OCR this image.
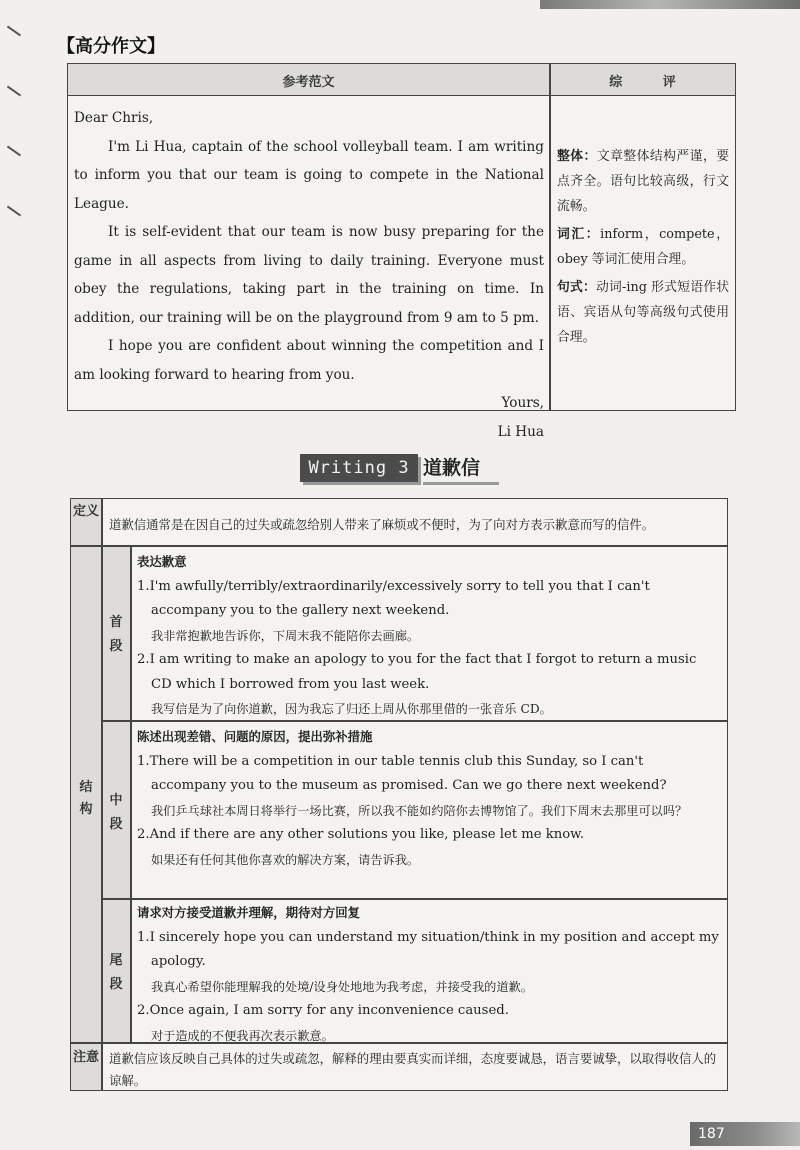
【高分作文】
参考范文	综 评

Dear Chris,

I'm Li Hua, captain of the school volleyball team. I am writing to inform you that our team is going to compete in the National League.

It is self-evident that our team is now busy preparing for the game in all aspects from living to daily training. Everyone must obey the regulations, taking part in the training on time. In addition, our training will be on the playground from 9 am to 5 pm.

I hope you are confident about winning the competition and I am looking forward to hearing from you.

Yours,

Li Hua

整体：文章整体结构严谨，要点齐全。语句比较高级，行文流畅。

词汇：inform，compete，obey 等词汇使用合理。

句式：动词-ing 形式短语作状语、宾语从句等高级句式使用合理。

Writing 3 道歉信
定义
道歉信通常是在因自己的过失或疏忽给别人带来了麻烦或不便时，为了向对方表示歉意而写的信件。
结构
首段

表达歉意

1.I'm awfully/terribly/extraordinarily/excessively sorry to tell you that I can't accompany you to the gallery next weekend.

我非常抱歉地告诉你，下周末我不能陪你去画廊。

2.I am writing to make an apology to you for the fact that I forgot to return a music CD which I borrowed from you last week.

我写信是为了向你道歉，因为我忘了归还上周从你那里借的一张音乐 CD。

中段

陈述出现差错、问题的原因，提出弥补措施

1.There will be a competition in our table tennis club this Sunday, so I can't accompany you to the museum as promised. Can we go there next weekend?

我们乒乓球社本周日将举行一场比赛，所以我不能如约陪你去博物馆了。我们下周末去那里可以吗？

2.And if there are any other solutions you like, please let me know.

如果还有任何其他你喜欢的解决方案，请告诉我。

尾段

请求对方接受道歉并理解，期待对方回复

1.I sincerely hope you can understand my situation/think in my position and accept my apology.

我真心希望你能理解我的处境/设身处地地为我考虑，并接受我的道歉。

2.Once again, I am sorry for any inconvenience caused.

对于造成的不便我再次表示歉意。

注意 道歉信应该反映自己具体的过失或疏忽，解释的理由要真实而详细，态度要诚恳，语言要诚挚，以取得收信人的谅解。
187
